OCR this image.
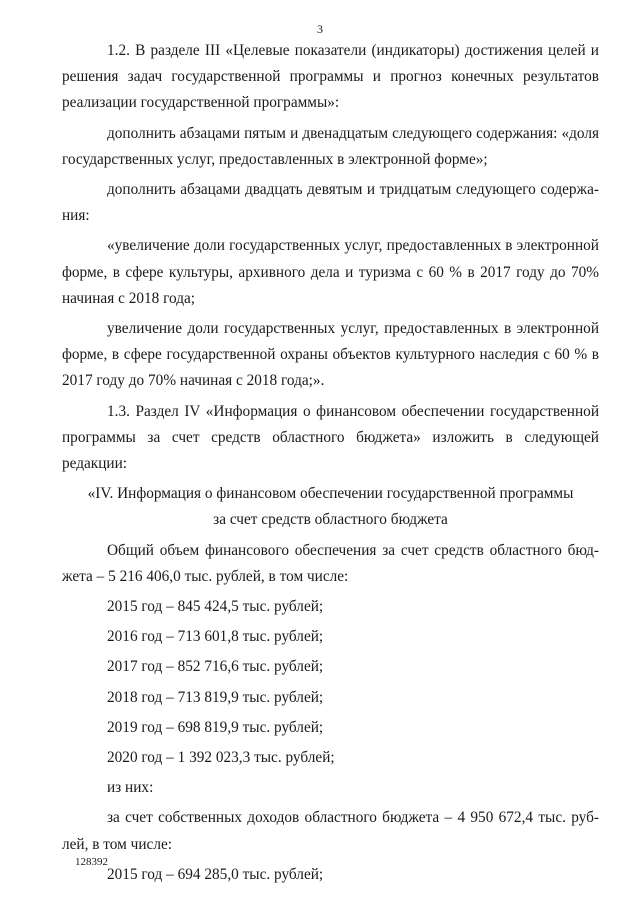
3

1.2. В разделе III «Целевые показатели (индикаторы) достижения целей и решения задач государственной программы и прогноз конечных результатов реализации государственной программы»:

дополнить абзацами пятым и двенадцатым следующего содержания: «доля государственных услуг, предоставленных в электронной форме»;

дополнить абзацами двадцать девятым и тридцатым следующего содержа-ния:

«увеличение доли государственных услуг, предоставленных в электронной форме, в сфере культуры, архивного дела и туризма с 60 % в 2017 году до 70% начиная с 2018 года;

увеличение доли государственных услуг, предоставленных в электронной форме, в сфере государственной охраны объектов культурного наследия с 60 % в 2017 году до 70% начиная с 2018 года;».

1.3. Раздел IV «Информация о финансовом обеспечении государственной программы за счет средств областного бюджета» изложить в следующей редакции:

«IV. Информация о финансовом обеспечении государственной программы

за счет средств областного бюджета

Общий объем финансового обеспечения за счет средств областного бюд-жета – 5 216 406,0 тыс. рублей, в том числе:

2015 год – 845 424,5 тыс. рублей;

2016 год – 713 601,8 тыс. рублей;

2017 год – 852 716,6 тыс. рублей;

2018 год – 713 819,9 тыс. рублей;

2019 год – 698 819,9 тыс. рублей;

2020 год – 1 392 023,3 тыс. рублей;

из них:

за счет собственных доходов областного бюджета – 4 950 672,4 тыс. руб-лей, в том числе:

2015 год – 694 285,0 тыс. рублей;

128392
